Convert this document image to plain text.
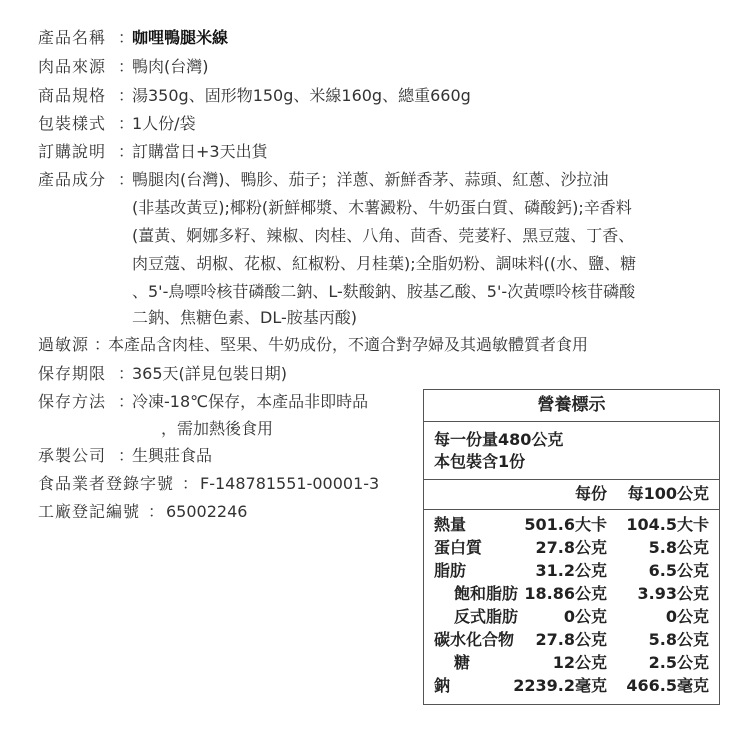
產品名稱 ：
咖哩鴨腿米線
肉品來源 ：
鴨肉(台灣)
商品規格 ：
湯350g、固形物150g、米線160g、總重660g
包裝樣式 ：
1人份/袋
訂購說明 ：
訂購當日+3天出貨
產品成分 ：
鴨腿肉(台灣)、鴨胗、茄子；洋蔥、新鮮香茅、蒜頭、紅蔥、沙拉油
(非基改黃豆);椰粉(新鮮椰漿、木薯澱粉、牛奶蛋白質、磷酸鈣);辛香料
(薑黃、婀娜多籽、辣椒、肉桂、八角、茴香、莞荽籽、黑豆蔻、丁香、
肉豆蔻、胡椒、花椒、紅椒粉、月桂葉);全脂奶粉、調味料((水、鹽、糖
、5'-鳥嘌呤核苷磷酸二鈉、L-麩酸鈉、胺基乙酸、5'-次黃嘌呤核苷磷酸
二鈉、焦糖色素、DL-胺基丙酸)
過敏源 ：
本產品含肉桂、堅果、牛奶成份，不適合對孕婦及其過敏體質者食用
保存期限 ：
365天(詳見包裝日期)
保存方法 ：
冷凍-18℃保存，本產品非即時品
，需加熱後食用
承製公司 ：
生興莊食品
食品業者登錄字號 ： F-148781551-00001-3
工廠登記編號 ： 65002246
營養標示
每一份量480公克
本包裝含1份
每份 每100公克
熱量	501.6大卡 104.5大卡
蛋白質	27.8公克	5.8公克
脂肪	31.2公克	6.5公克
飽和脂肪 18.86公克 3.93公克
反式脂肪	0公克	0公克
碳水化合物 27.8公克	5.8公克
糖	12公克	2.5公克
鈉	2239.2毫克 466.5毫克
